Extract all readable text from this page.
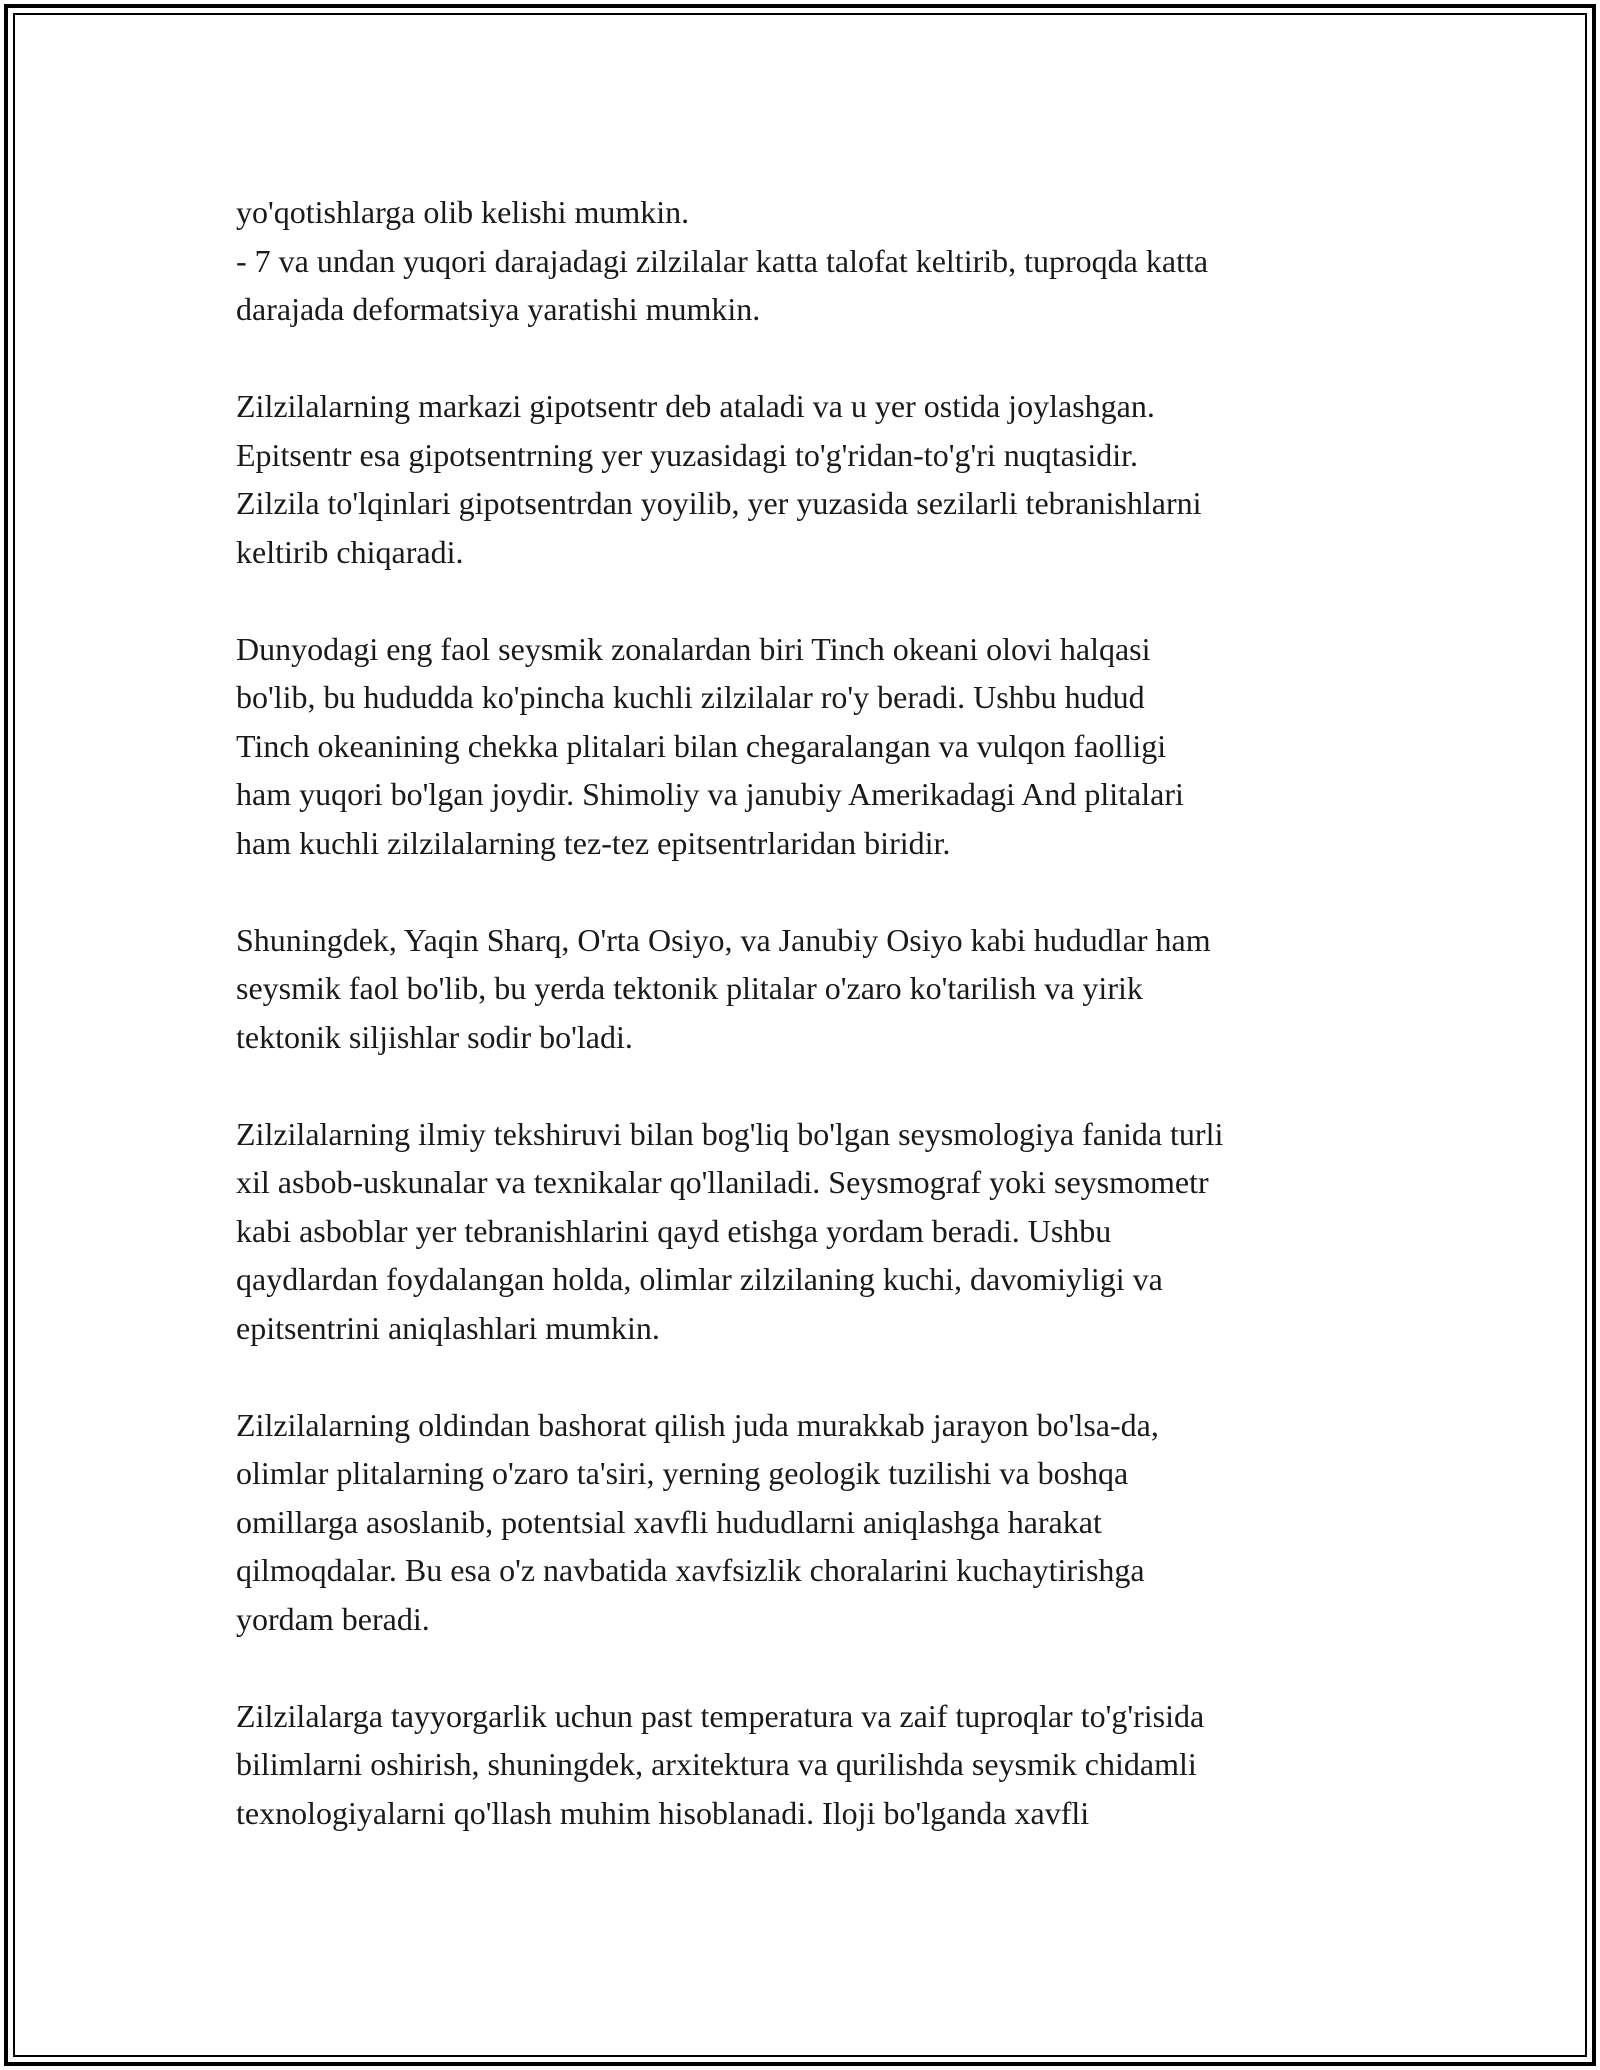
yo'qotishlarga olib kelishi mumkin.
- 7 va undan yuqori darajadagi zilzilalar katta talofat keltirib, tuproqda katta
darajada deformatsiya yaratishi mumkin.

Zilzilalarning markazi gipotsentr deb ataladi va u yer ostida joylashgan.
Epitsentr esa gipotsentrning yer yuzasidagi to'g'ridan-to'g'ri nuqtasidir.
Zilzila to'lqinlari gipotsentrdan yoyilib, yer yuzasida sezilarli tebranishlarni
keltirib chiqaradi.

Dunyodagi eng faol seysmik zonalardan biri Tinch okeani olovi halqasi
bo'lib, bu hududda ko'pincha kuchli zilzilalar ro'y beradi. Ushbu hudud
Tinch okeanining chekka plitalari bilan chegaralangan va vulqon faolligi
ham yuqori bo'lgan joydir. Shimoliy va janubiy Amerikadagi And plitalari
ham kuchli zilzilalarning tez-tez epitsentrlaridan biridir.

Shuningdek, Yaqin Sharq, O'rta Osiyo, va Janubiy Osiyo kabi hududlar ham
seysmik faol bo'lib, bu yerda tektonik plitalar o'zaro ko'tarilish va yirik
tektonik siljishlar sodir bo'ladi.

Zilzilalarning ilmiy tekshiruvi bilan bog'liq bo'lgan seysmologiya fanida turli
xil asbob-uskunalar va texnikalar qo'llaniladi. Seysmograf yoki seysmometr
kabi asboblar yer tebranishlarini qayd etishga yordam beradi. Ushbu
qaydlardan foydalangan holda, olimlar zilzilaning kuchi, davomiyligi va
epitsentrini aniqlashlari mumkin.

Zilzilalarning oldindan bashorat qilish juda murakkab jarayon bo'lsa-da,
olimlar plitalarning o'zaro ta'siri, yerning geologik tuzilishi va boshqa
omillarga asoslanib, potentsial xavfli hududlarni aniqlashga harakat
qilmoqdalar. Bu esa o'z navbatida xavfsizlik choralarini kuchaytirishga
yordam beradi.

Zilzilalarga tayyorgarlik uchun past temperatura va zaif tuproqlar to'g'risida
bilimlarni oshirish, shuningdek, arxitektura va qurilishda seysmik chidamli
texnologiyalarni qo'llash muhim hisoblanadi. Iloji bo'lganda xavfli
